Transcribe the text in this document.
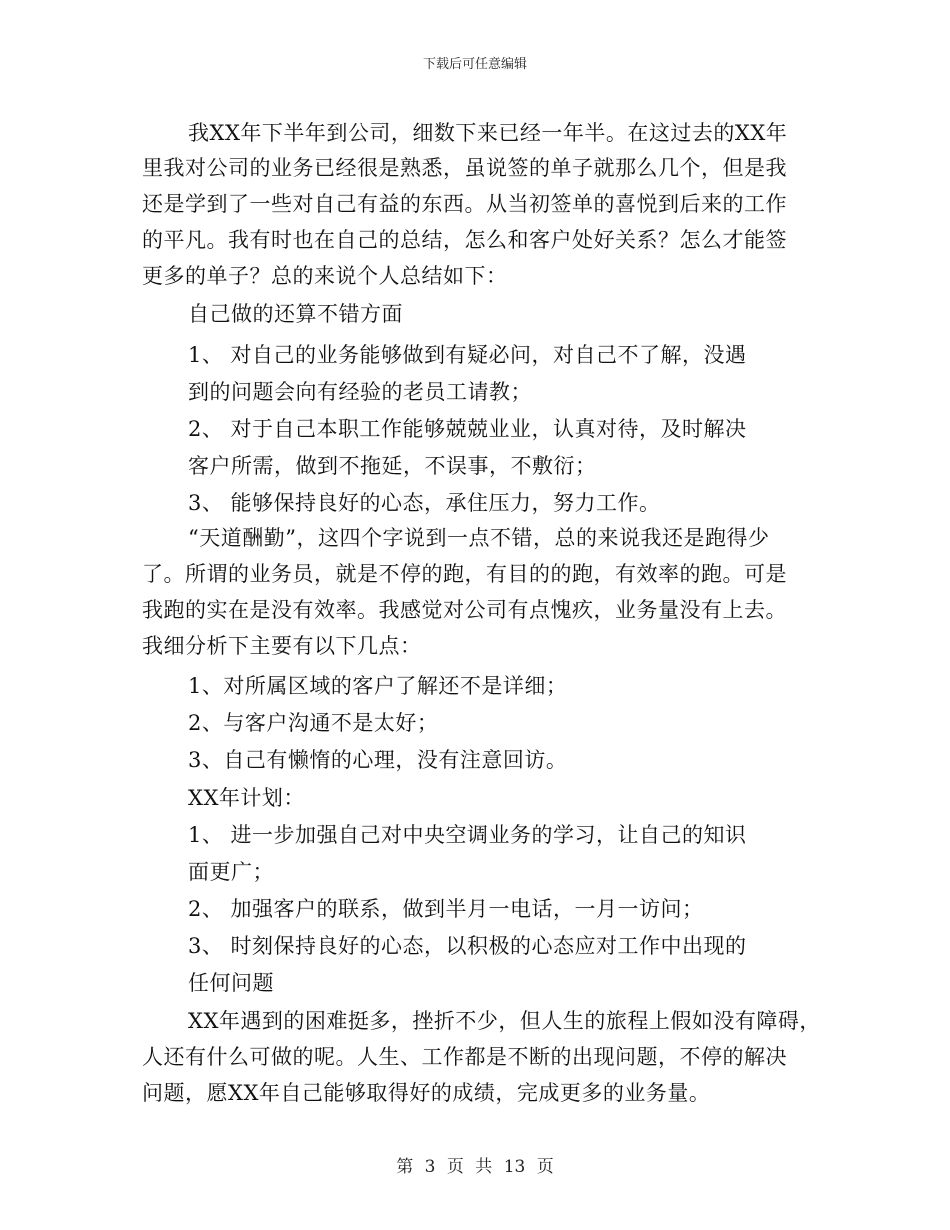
下载后可任意编辑
我XX年下半年到公司，细数下来已经一年半。在这过去的XX年
里我对公司的业务已经很是熟悉，虽说签的单子就那么几个，但是我
还是学到了一些对自己有益的东西。从当初签单的喜悦到后来的工作
的平凡。我有时也在自己的总结，怎么和客户处好关系？怎么才能签
更多的单子？总的来说个人总结如下：
自己做的还算不错方面
1、 对自己的业务能够做到有疑必问，对自己不了解，没遇
到的问题会向有经验的老员工请教；
2、 对于自己本职工作能够兢兢业业，认真对待，及时解决
客户所需，做到不拖延，不误事，不敷衍；
3、 能够保持良好的心态，承住压力，努力工作。
“天道酬勤”，这四个字说到一点不错，总的来说我还是跑得少
了。所谓的业务员，就是不停的跑，有目的的跑，有效率的跑。可是
我跑的实在是没有效率。我感觉对公司有点愧疚，业务量没有上去。
我细分析下主要有以下几点：
1、对所属区域的客户了解还不是详细；
2、与客户沟通不是太好；
3、自己有懒惰的心理，没有注意回访。
XX年计划：
1、 进一步加强自己对中央空调业务的学习，让自己的知识
面更广；
2、 加强客户的联系，做到半月一电话，一月一访问；
3、 时刻保持良好的心态，以积极的心态应对工作中出现的
任何问题
XX年遇到的困难挺多，挫折不少，但人生的旅程上假如没有障碍，
人还有什么可做的呢。人生、工作都是不断的出现问题，不停的解决
问题，愿XX年自己能够取得好的成绩，完成更多的业务量。
第 3 页 共 13 页
